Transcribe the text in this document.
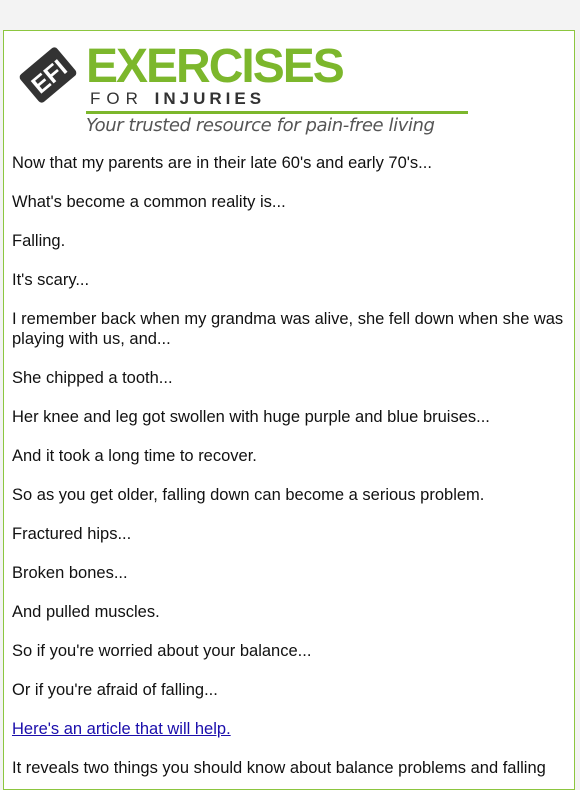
EFI EXERCISES
FOR INJURIES
Your trusted resource for pain-free living

Now that my parents are in their late 60's and early 70's...

What's become a common reality is...

Falling.

It's scary...

I remember back when my grandma was alive, she fell down when she was playing with us, and...

She chipped a tooth...

Her knee and leg got swollen with huge purple and blue bruises...

And it took a long time to recover.

So as you get older, falling down can become a serious problem.

Fractured hips...

Broken bones...

And pulled muscles.

So if you're worried about your balance...

Or if you're afraid of falling...

Here's an article that will help.

It reveals two things you should know about balance problems and falling
